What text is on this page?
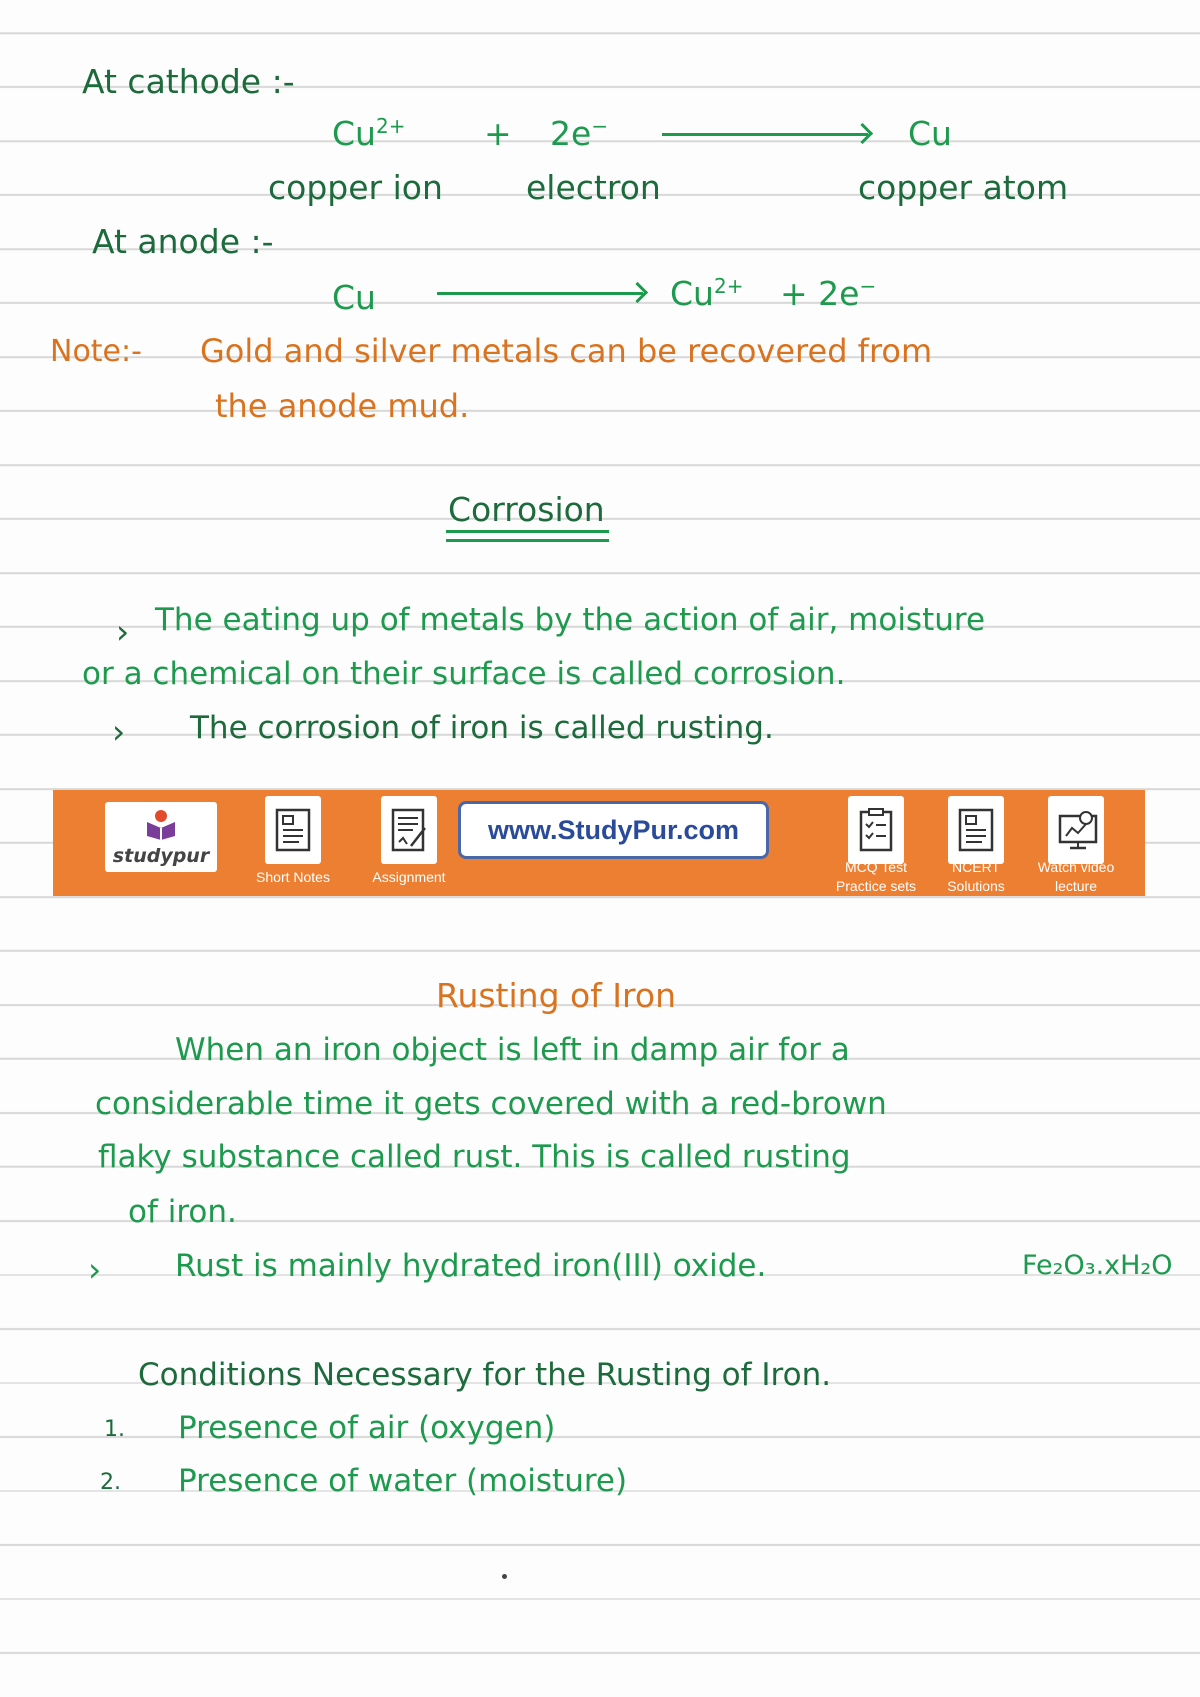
At cathode :-
$Cu^{2+} + 2e^-$	Cu
copper ion	electron	copper atom
At anode :-
Cu	$Cu^{2+} + 2e^-$
Note:- Gold and silver metals can be recovered from
the anode mud.
Corrosion
› The eating up of metals by the action of air, moisture
or a chemical on their surface is called corrosion.
› The corrosion of iron is called rusting.
studypur
Short Notes	Assignment
www.StudyPur.com
MCQ Test
Practice sets
NCERT
Solutions
Watch video
lecture
Rusting of Iron
When an iron object is left in damp air for a
considerable time it gets covered with a red-brown
flaky substance called rust. This is called rusting
of iron.
› Rust is mainly hydrated iron(III) oxide.	Fe₂O₃.xH₂O
Conditions Necessary for the Rusting of Iron.
1. Presence of air (oxygen)
2. Presence of water (moisture)
